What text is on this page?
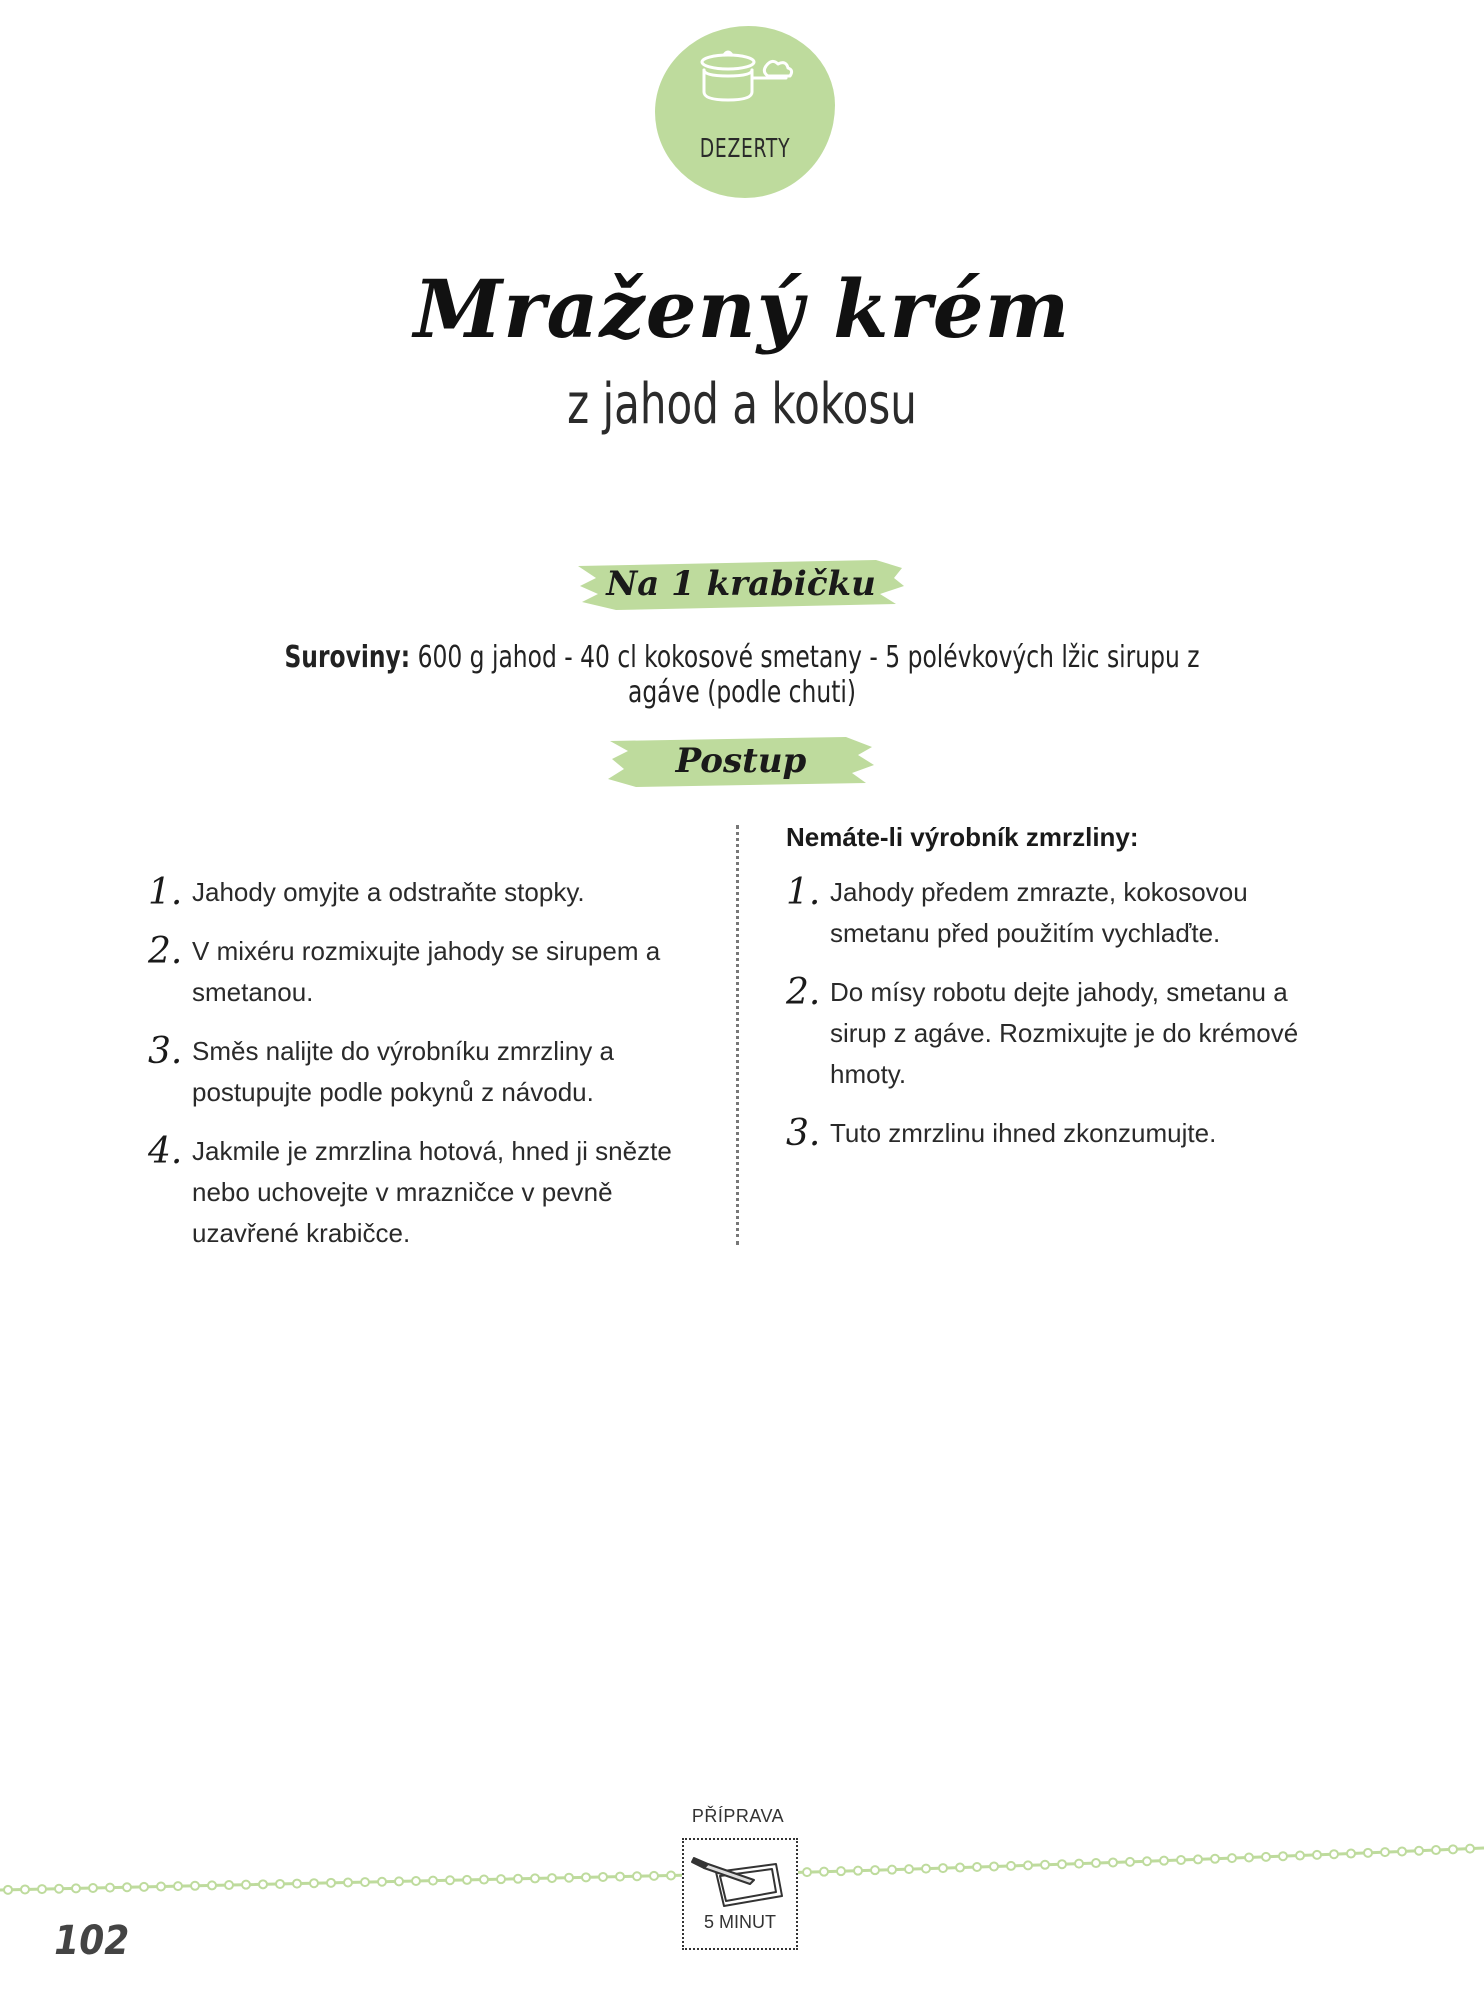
DEZERTY
Mražený krém
z jahod a kokosu
Na 1 krabičku
Suroviny: 600 g jahod - 40 cl kokosové smetany - 5 polévkových lžic sirupu z agáve (podle chuti)
Postup
1. Jahody omyjte a odstraňte stopky.
2. V mixéru rozmixujte jahody se sirupem a smetanou.
3. Směs nalijte do výrobníku zmrzliny a postupujte podle pokynů z návodu.
4. Jakmile je zmrzlina hotová, hned ji snězte nebo uchovejte v mrazničce v pevně uzavřené krabičce.
Nemáte-li výrobník zmrzliny:
1. Jahody předem zmrazte, kokosovou smetanu před použitím vychlaďte.
2. Do mísy robotu dejte jahody, smetanu a sirup z agáve. Rozmixujte je do krémové hmoty.
3. Tuto zmrzlinu ihned zkonzumujte.
PŘÍPRAVA
5 MINUT
102
